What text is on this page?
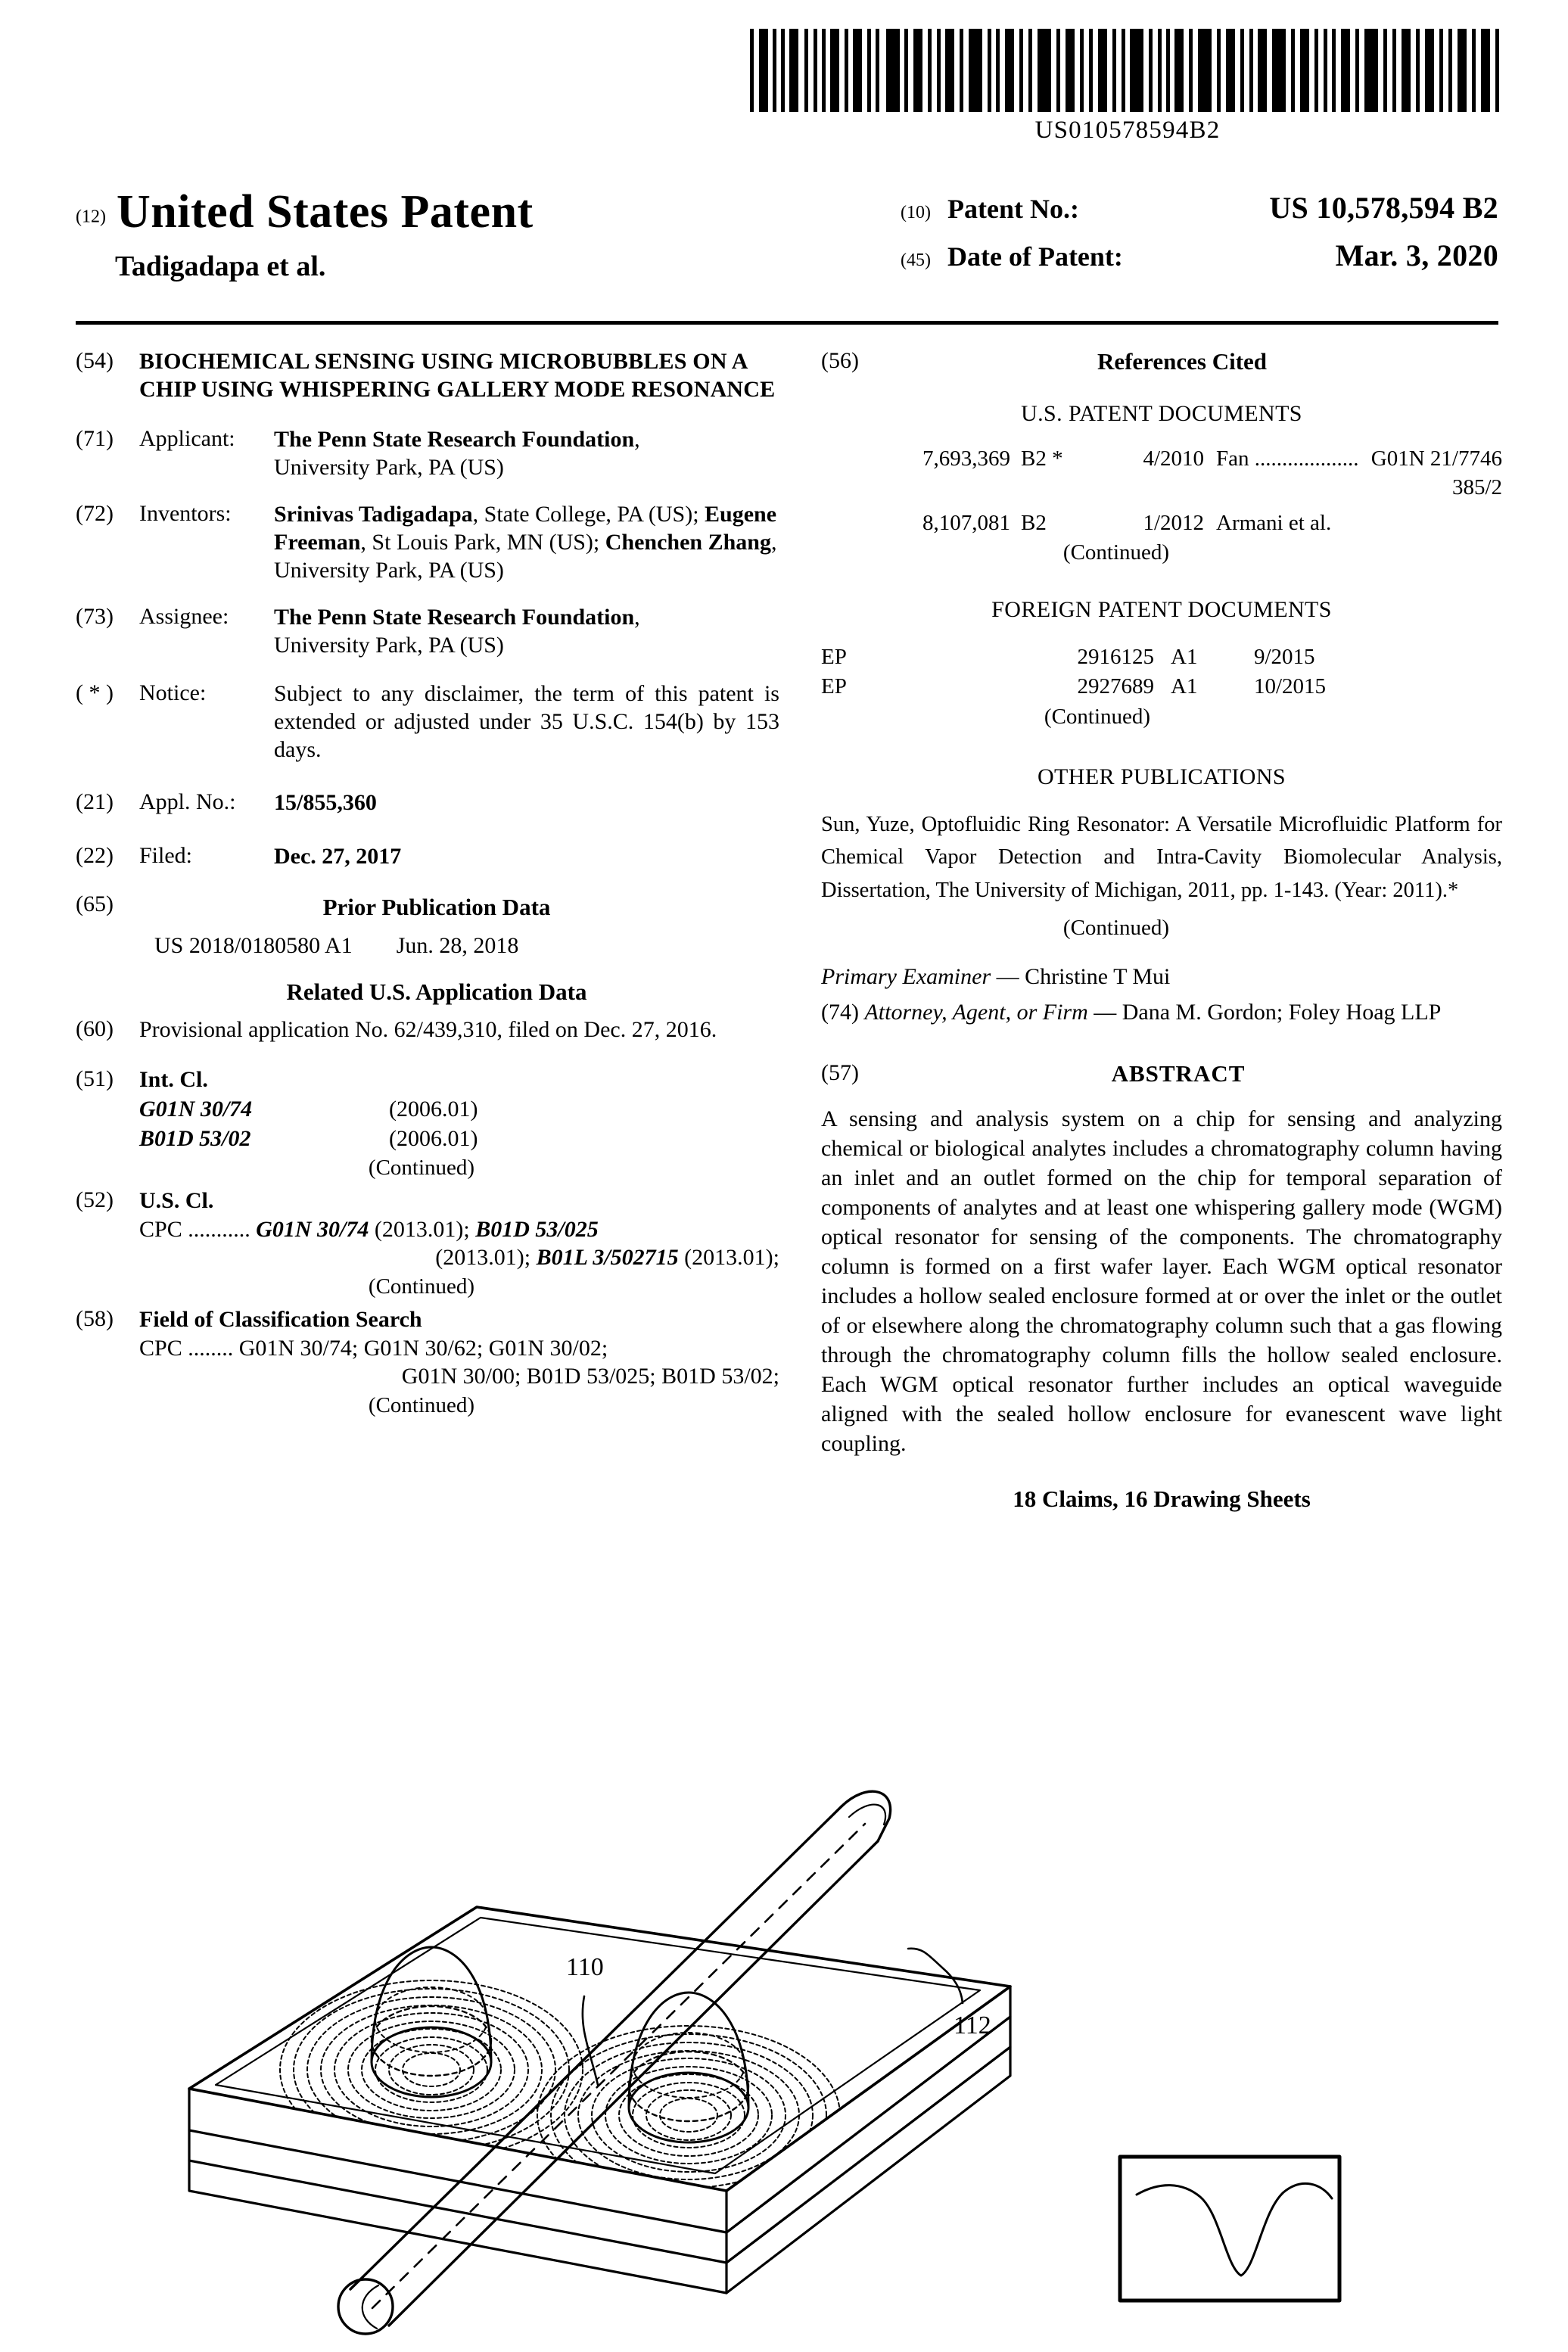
US010578594B2
(12) United States Patent
Tadigadapa et al.
(10) Patent No.:	US 10,578,594 B2
(45) Date of Patent:	Mar. 3, 2020
(54)	BIOCHEMICAL SENSING USING MICROBUBBLES ON A CHIP USING WHISPERING GALLERY MODE RESONANCE
(71)	Applicant:	The Penn State Research Foundation,
University Park, PA (US)
(72)	Inventors:	Srinivas Tadigadapa, State College, PA (US); Eugene Freeman, St Louis Park, MN (US); Chenchen Zhang, University Park, PA (US)
(73)	Assignee:	The Penn State Research Foundation,
University Park, PA (US)
( * )	Notice:	Subject to any disclaimer, the term of this patent is extended or adjusted under 35 U.S.C. 154(b) by 153 days.
(21)	Appl. No.:	15/855,360
(22)	Filed:	Dec. 27, 2017
(65)	Prior Publication Data
US 2018/0180580 A1 Jun. 28, 2018
Related U.S. Application Data
(60)	Provisional application No. 62/439,310, filed on Dec. 27, 2016.
(51)	Int. Cl.
G01N 30/74	(2006.01)
B01D 53/02	(2006.01)
(Continued)
(52)	U.S. Cl.
CPC ........... G01N 30/74 (2013.01); B01D 53/025
(2013.01); B01L 3/502715 (2013.01);
(Continued)
(58)	Field of Classification Search
CPC ........ G01N 30/74; G01N 30/62; G01N 30/02;
G01N 30/00; B01D 53/025; B01D 53/02;
(Continued)
(56)	References Cited
U.S. PATENT DOCUMENTS
7,693,369 B2 *	4/2010 Fan ................... G01N 21/7746
385/2
8,107,081 B2	1/2012 Armani et al.
(Continued)
FOREIGN PATENT DOCUMENTS
EP	2916125 A1	9/2015
EP	2927689 A1	10/2015
(Continued)
OTHER PUBLICATIONS
Sun, Yuze, Optofluidic Ring Resonator: A Versatile Microfluidic Platform for Chemical Vapor Detection and Intra-Cavity Biomolecular Analysis, Dissertation, The University of Michigan, 2011, pp. 1-143. (Year: 2011).*
(Continued)
Primary Examiner — Christine T Mui
(74) Attorney, Agent, or Firm — Dana M. Gordon; Foley Hoag LLP
(57)	ABSTRACT
A sensing and analysis system on a chip for sensing and analyzing chemical or biological analytes includes a chromatography column having an inlet and an outlet formed on the chip for temporal separation of components of analytes and at least one whispering gallery mode (WGM) optical resonator for sensing of the components. The chromatography column is formed on a first wafer layer. Each WGM optical resonator includes a hollow sealed enclosure formed at or over the inlet or the outlet of or elsewhere along the chromatography column such that a gas flowing through the chromatography column fills the hollow sealed enclosure. Each WGM optical resonator further includes an optical waveguide aligned with the sealed hollow enclosure for evanescent wave light coupling.
18 Claims, 16 Drawing Sheets
110
112
